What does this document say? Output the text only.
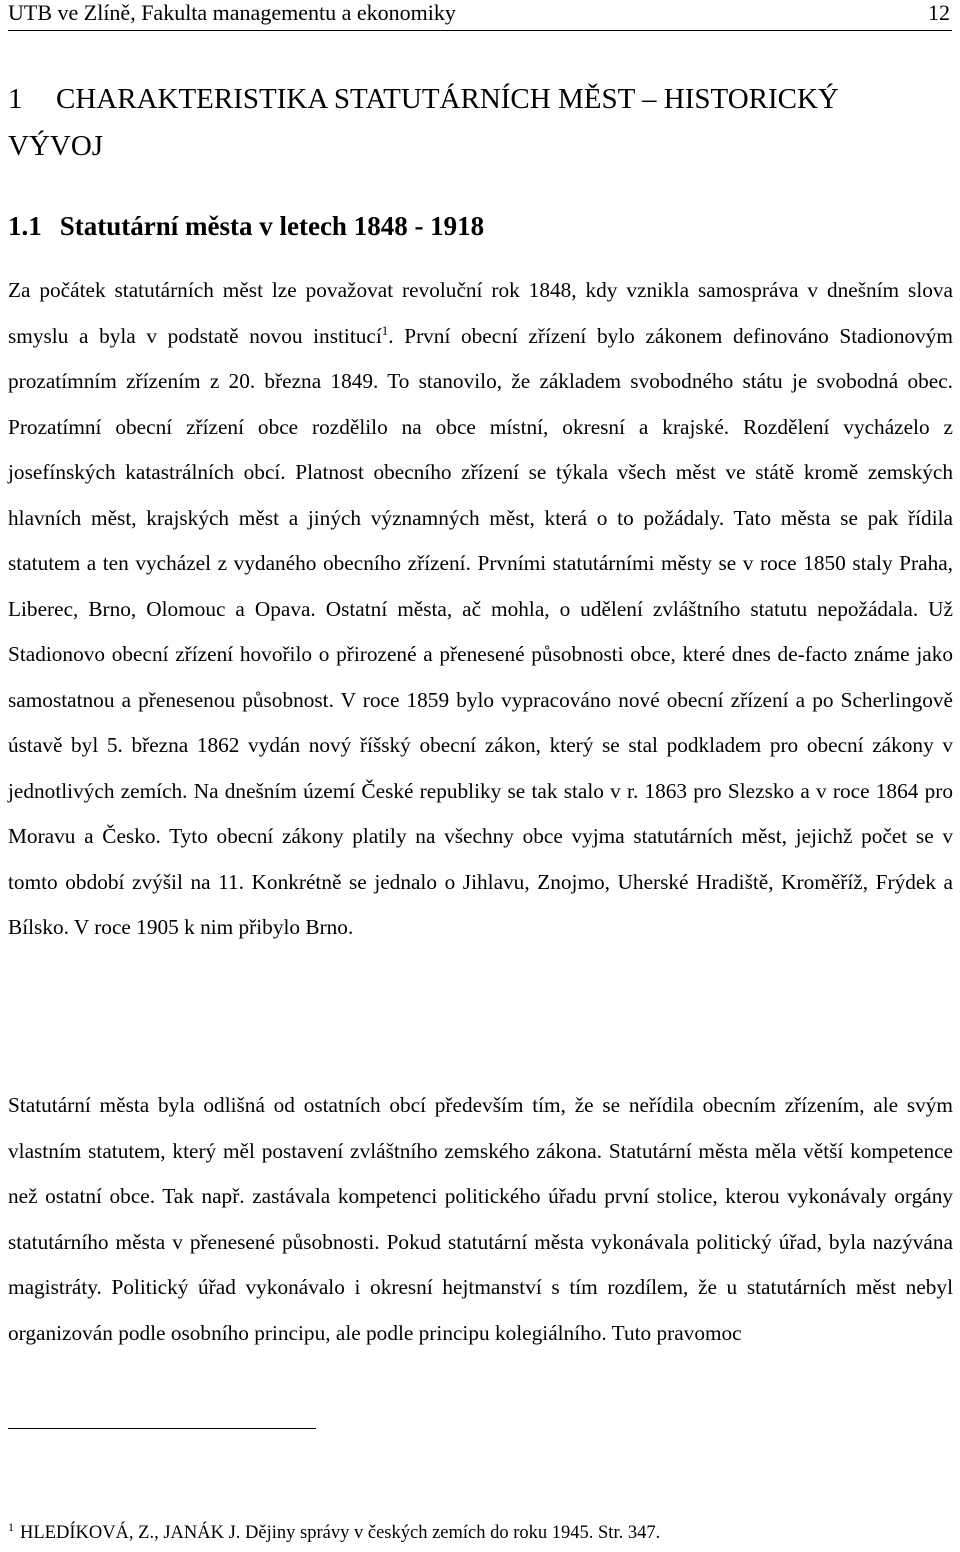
UTB ve Zlíně, Fakulta managementu a ekonomiky	12
1 CHARAKTERISTIKA STATUTÁRNÍCH MĚST – HISTORICKÝ VÝVOJ
1.1 Statutární města v letech 1848 - 1918

Za počátek statutárních měst lze považovat revoluční rok 1848, kdy vznikla samospráva v dnešním slova smyslu a byla v podstatě novou institucí$^1$. První obecní zřízení bylo zákonem definováno Stadionovým prozatímním zřízením z 20. března 1849. To stanovilo, že základem svobodného státu je svobodná obec. Prozatímní obecní zřízení obce rozdělilo na obce místní, okresní a krajské. Rozdělení vycházelo z josefínských katastrálních obcí. Platnost obecního zřízení se týkala všech měst ve státě kromě zemských hlavních měst, krajských měst a jiných významných měst, která o to požádaly. Tato města se pak řídila statutem a ten vycházel z vydaného obecního zřízení. Prvními statutárními městy se v roce 1850 staly Praha, Liberec, Brno, Olomouc a Opava. Ostatní města, ač mohla, o udělení zvláštního statutu nepožádala. Už Stadionovo obecní zřízení hovořilo o přirozené a přenesené působnosti obce, které dnes de-facto známe jako samostatnou a přenesenou působnost. V roce 1859 bylo vypracováno nové obecní zřízení a po Scherlingově ústavě byl 5. března 1862 vydán nový říšský obecní zákon, který se stal podkladem pro obecní zákony v jednotlivých zemích. Na dnešním území České republiky se tak stalo v r. 1863 pro Slezsko a v roce 1864 pro Moravu a Česko. Tyto obecní zákony platily na všechny obce vyjma statutárních měst, jejichž počet se v tomto období zvýšil na 11. Konkrétně se jednalo o Jihlavu, Znojmo, Uherské Hradiště, Kroměříž, Frýdek a Bílsko. V roce 1905 k nim přibylo Brno.

Statutární města byla odlišná od ostatních obcí především tím, že se neřídila obecním zřízením, ale svým vlastním statutem, který měl postavení zvláštního zemského zákona. Statutární města měla větší kompetence než ostatní obce. Tak např. zastávala kompetenci politického úřadu první stolice, kterou vykonávaly orgány statutárního města v přenesené působnosti. Pokud statutární města vykonávala politický úřad, byla nazývána magistráty. Politický úřad vykonávalo i okresní hejtmanství s tím rozdílem, že u statutárních měst nebyl organizován podle osobního principu, ale podle principu kolegiálního. Tuto pravomoc

$^1$ HLEDÍKOVÁ, Z., JANÁK J. Dějiny správy v českých zemích do roku 1945. Str. 347.
